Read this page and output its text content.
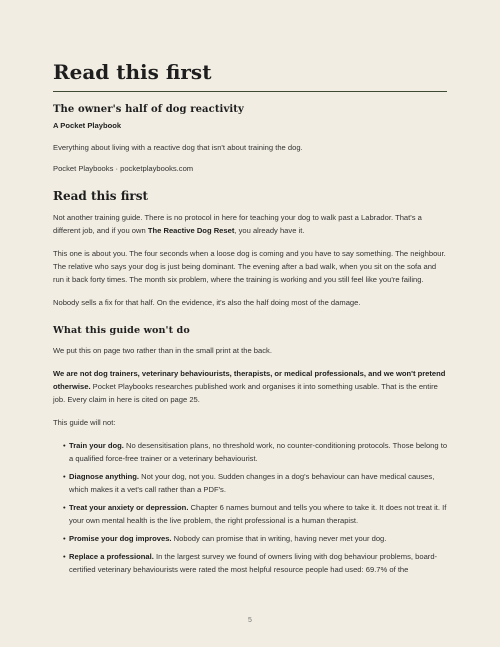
Read this first
The owner's half of dog reactivity
A Pocket Playbook

Everything about living with a reactive dog that isn't about training the dog.

Pocket Playbooks · pocketplaybooks.com

Read this first

Not another training guide. There is no protocol in here for teaching your dog to walk past a Labrador. That's a different job, and if you own The Reactive Dog Reset, you already have it.

This one is about you. The four seconds when a loose dog is coming and you have to say something. The neighbour. The relative who says your dog is just being dominant. The evening after a bad walk, when you sit on the sofa and run it back forty times. The month six problem, where the training is working and you still feel like you're failing.

Nobody sells a fix for that half. On the evidence, it's also the half doing most of the damage.

What this guide won't do

We put this on page two rather than in the small print at the back.

We are not dog trainers, veterinary behaviourists, therapists, or medical professionals, and we won't pretend otherwise. Pocket Playbooks researches published work and organises it into something usable. That is the entire job. Every claim in here is cited on page 25.

This guide will not:

• Train your dog. No desensitisation plans, no threshold work, no counter-conditioning protocols. Those belong to a qualified force-free trainer or a veterinary behaviourist.
• Diagnose anything. Not your dog, not you. Sudden changes in a dog's behaviour can have medical causes, which makes it a vet's call rather than a PDF's.
• Treat your anxiety or depression. Chapter 6 names burnout and tells you where to take it. It does not treat it. If your own mental health is the live problem, the right professional is a human therapist.
• Promise your dog improves. Nobody can promise that in writing, having never met your dog.
• Replace a professional. In the largest survey we found of owners living with dog behaviour problems, board-certified veterinary behaviourists were rated the most helpful resource people had used: 69.7% of the
5
